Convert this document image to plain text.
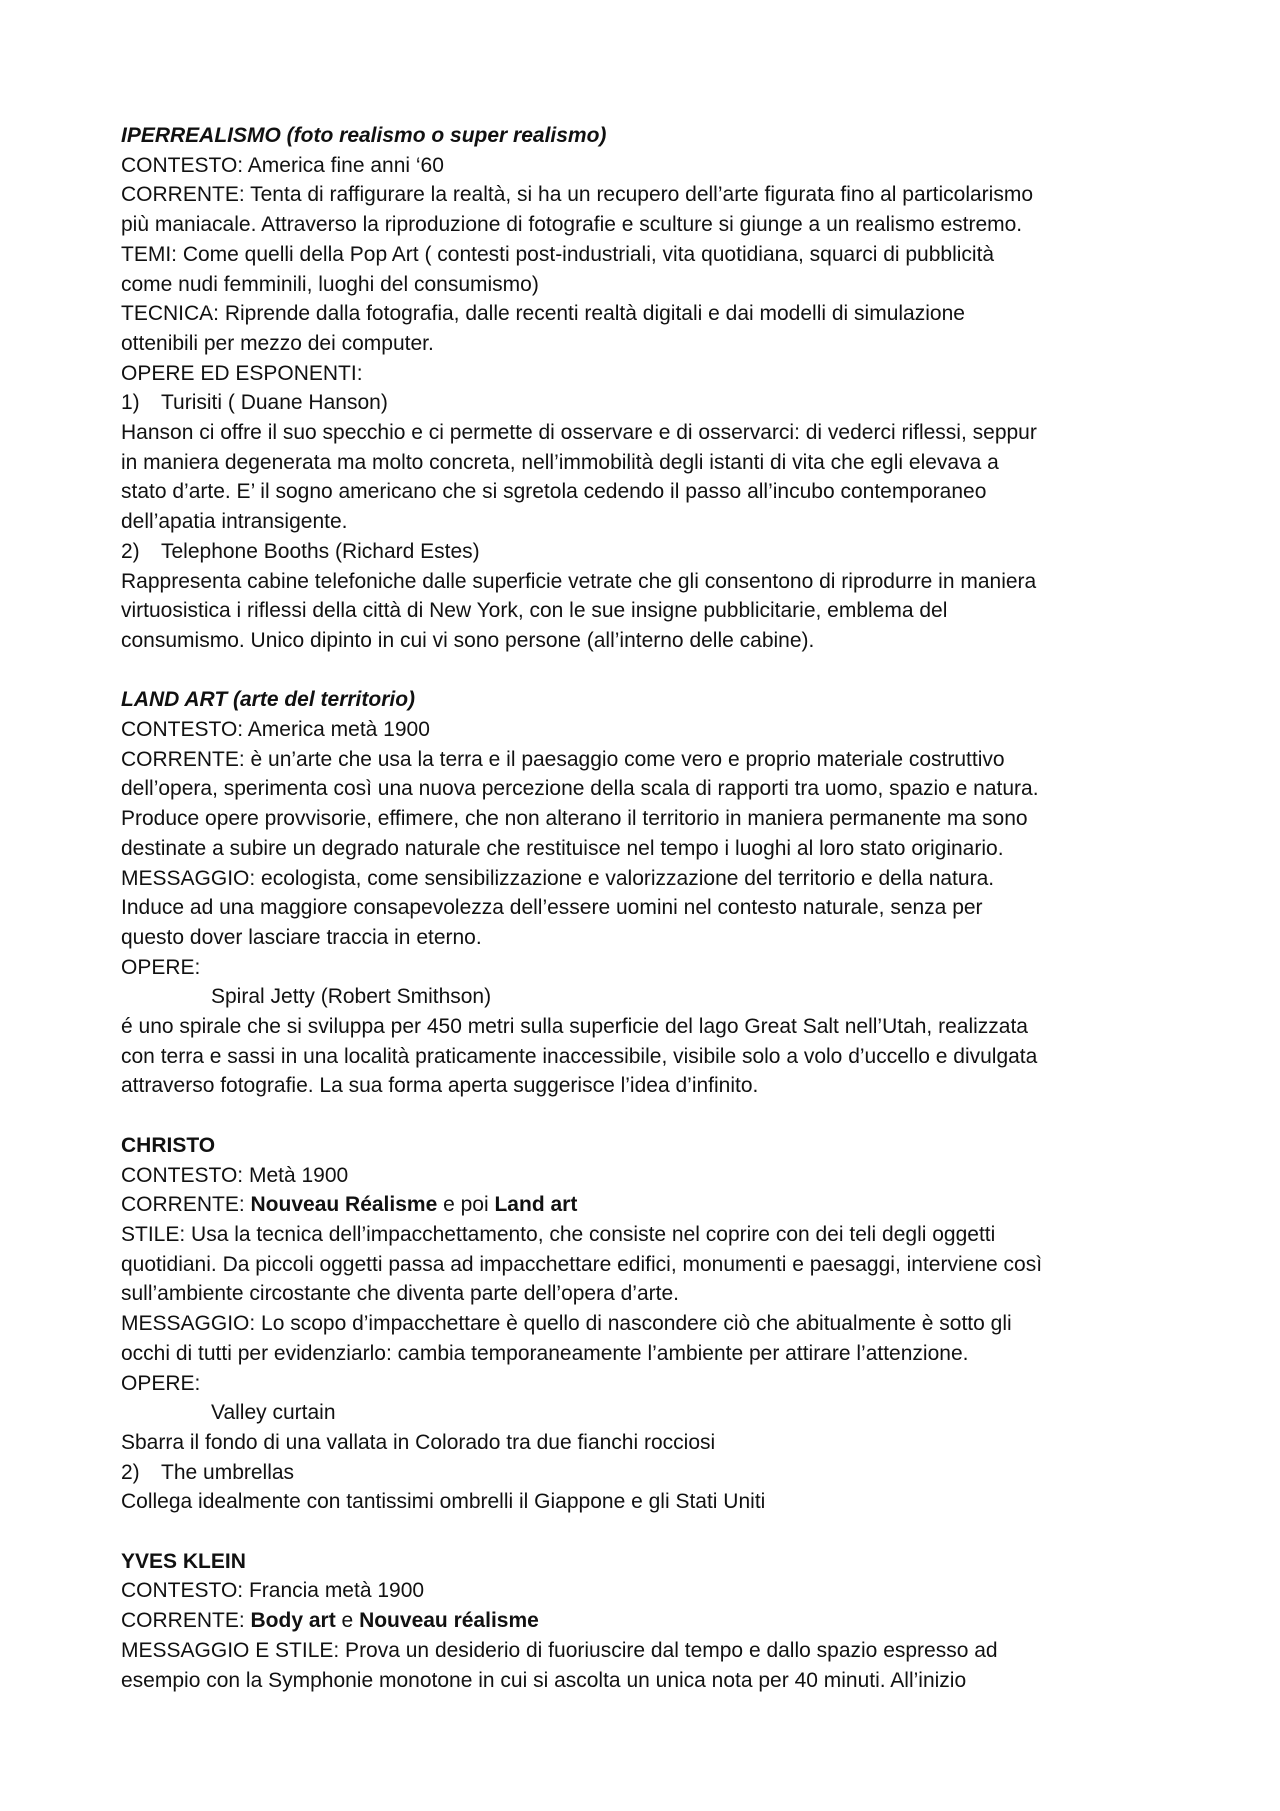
IPERREALISMO (foto realismo o super realismo)

CONTESTO: America fine anni ‘60

CORRENTE: Tenta di raffigurare la realtà, si ha un recupero dell’arte figurata fino al particolarismo

più maniacale. Attraverso la riproduzione di fotografie e sculture si giunge a un realismo estremo.

TEMI: Come quelli della Pop Art ( contesti post-industriali, vita quotidiana, squarci di pubblicità

come nudi femminili, luoghi del consumismo)

TECNICA: Riprende dalla fotografia, dalle recenti realtà digitali e dai modelli di simulazione

ottenibili per mezzo dei computer.

OPERE ED ESPONENTI:

1) Turisiti ( Duane Hanson)

Hanson ci offre il suo specchio e ci permette di osservare e di osservarci: di vederci riflessi, seppur

in maniera degenerata ma molto concreta, nell’immobilità degli istanti di vita che egli elevava a

stato d’arte. E’ il sogno americano che si sgretola cedendo il passo all’incubo contemporaneo

dell’apatia intransigente.

2) Telephone Booths (Richard Estes)

Rappresenta cabine telefoniche dalle superficie vetrate che gli consentono di riprodurre in maniera

virtuosistica i riflessi della città di New York, con le sue insigne pubblicitarie, emblema del

consumismo. Unico dipinto in cui vi sono persone (all’interno delle cabine).

LAND ART (arte del territorio)

CONTESTO: America metà 1900

CORRENTE: è un’arte che usa la terra e il paesaggio come vero e proprio materiale costruttivo

dell’opera, sperimenta così una nuova percezione della scala di rapporti tra uomo, spazio e natura.

Produce opere provvisorie, effimere, che non alterano il territorio in maniera permanente ma sono

destinate a subire un degrado naturale che restituisce nel tempo i luoghi al loro stato originario.

MESSAGGIO: ecologista, come sensibilizzazione e valorizzazione del territorio e della natura.

Induce ad una maggiore consapevolezza dell’essere uomini nel contesto naturale, senza per

questo dover lasciare traccia in eterno.

OPERE:

Spiral Jetty (Robert Smithson)

é uno spirale che si sviluppa per 450 metri sulla superficie del lago Great Salt nell’Utah, realizzata

con terra e sassi in una località praticamente inaccessibile, visibile solo a volo d’uccello e divulgata

attraverso fotografie. La sua forma aperta suggerisce l’idea d’infinito.

CHRISTO

CONTESTO: Metà 1900

CORRENTE: Nouveau Réalisme e poi Land art

STILE: Usa la tecnica dell’impacchettamento, che consiste nel coprire con dei teli degli oggetti

quotidiani. Da piccoli oggetti passa ad impacchettare edifici, monumenti e paesaggi, interviene così

sull’ambiente circostante che diventa parte dell’opera d’arte.

MESSAGGIO: Lo scopo d’impacchettare è quello di nascondere ciò che abitualmente è sotto gli

occhi di tutti per evidenziarlo: cambia temporaneamente l’ambiente per attirare l’attenzione.

OPERE:

Valley curtain

Sbarra il fondo di una vallata in Colorado tra due fianchi rocciosi

2) The umbrellas

Collega idealmente con tantissimi ombrelli il Giappone e gli Stati Uniti

YVES KLEIN

CONTESTO: Francia metà 1900

CORRENTE: Body art e Nouveau réalisme

MESSAGGIO E STILE: Prova un desiderio di fuoriuscire dal tempo e dallo spazio espresso ad

esempio con la Symphonie monotone in cui si ascolta un unica nota per 40 minuti. All’inizio
